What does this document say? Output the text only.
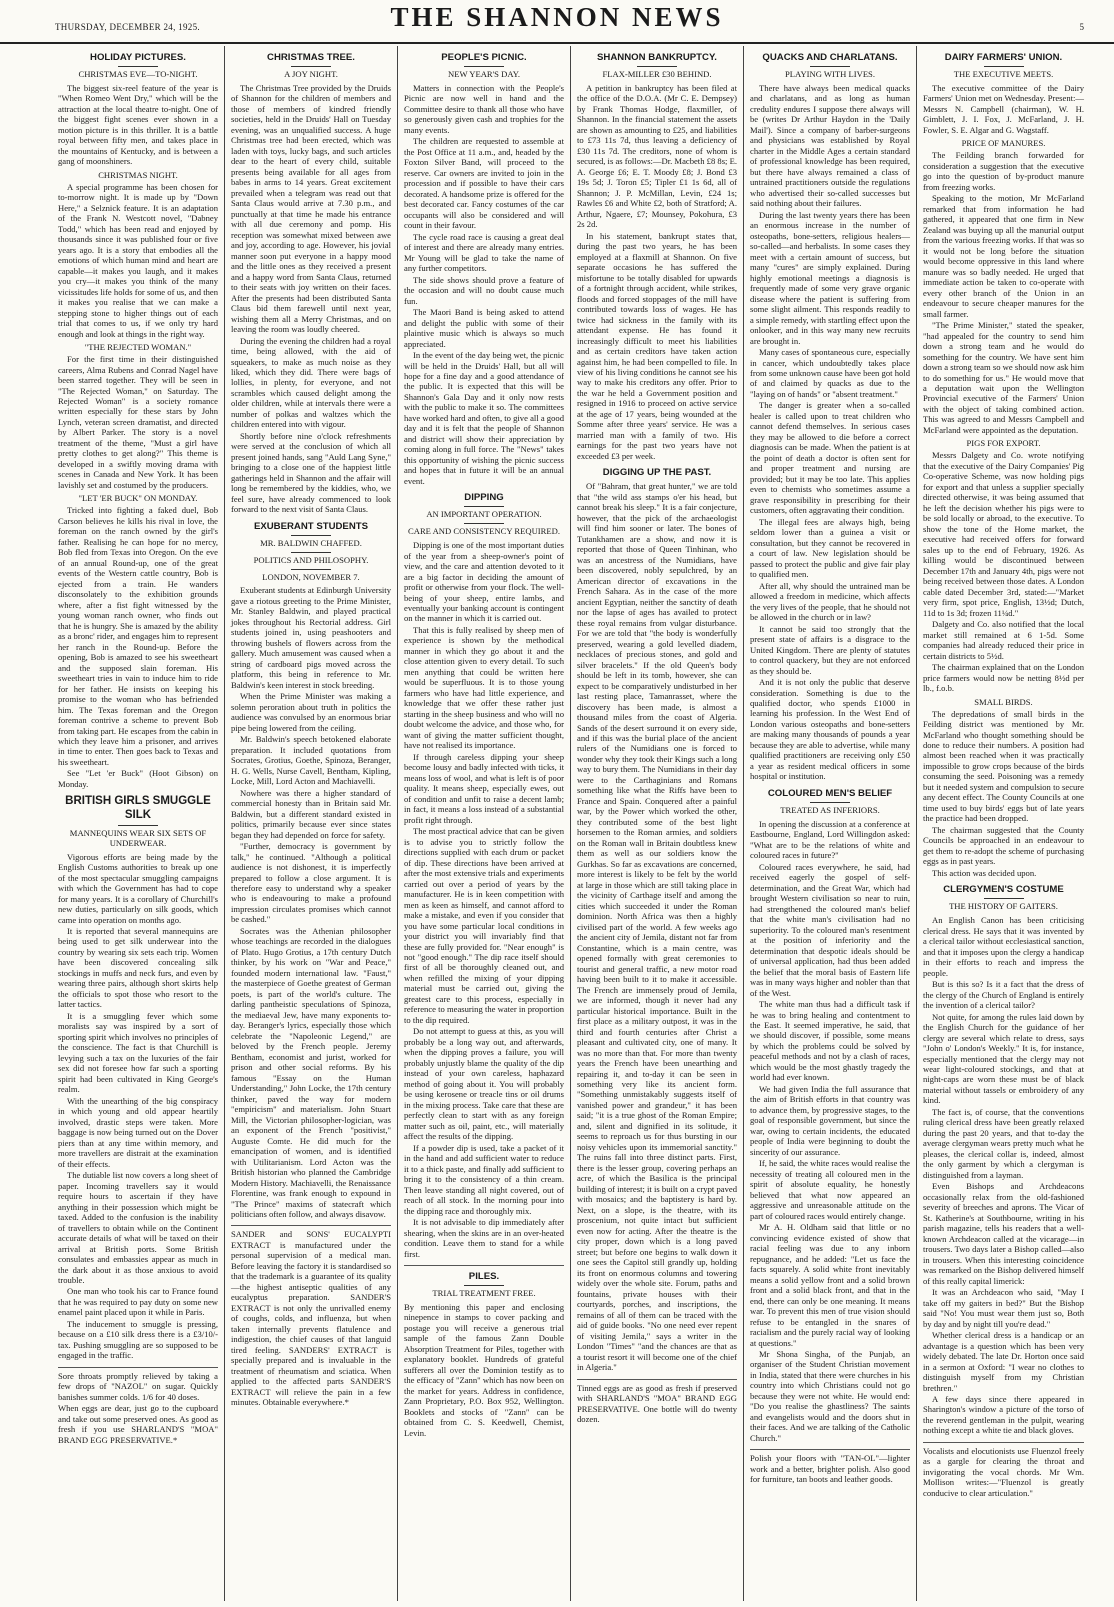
THURSDAY, DECEMBER 24, 1925.	THE SHANNON NEWS	5
HOLIDAY PICTURES.
CHRISTMAS EVE—TO-NIGHT.

The biggest six-reel feature of the year is "When Romeo Went Dry," which will be the attraction at the local theatre to-night. One of the biggest fight scenes ever shown in a motion picture is in this thriller. It is a battle royal between fifty men, and takes place in the mountains of Kentucky, and is between a gang of moonshiners.

CHRISTMAS NIGHT.

A special programme has been chosen for to-morrow night. It is made up by "Down Here," a Selznick feature. It is an adaptation of the Frank N. Westcott novel, "Dabney Todd," which has been read and enjoyed by thousands since it was published four or five years ago. It is a story that embodies all the emotions of which human mind and heart are capable—it makes you laugh, and it makes you cry—it makes you think of the many vicissitudes life holds for some of us, and then it makes you realise that we can make a stepping stone to higher things out of each trial that comes to us, if we only try hard enough and look at things in the right way.

"THE REJECTED WOMAN."

For the first time in their distinguished careers, Alma Rubens and Conrad Nagel have been starred together. They will be seen in "The Rejected Woman," on Saturday. The Rejected Woman" is a society romance written especially for these stars by John Lynch, veteran screen dramatist, and directed by Albert Parker. The story is a novel treatment of the theme, "Must a girl have pretty clothes to get along?" This theme is developed in a swiftly moving drama with scenes in Canada and New York. It has been lavishly set and costumed by the producers.

"LET 'ER BUCK" ON MONDAY.

Tricked into fighting a faked duel, Bob Carson believes he kills his rival in love, the foreman on the ranch owned by the girl's father. Realising he can hope for no mercy, Bob fled from Texas into Oregon. On the eve of an annual Round-up, one of the great events of the Western cattle country, Bob is ejected from a train. He wanders disconsolately to the exhibition grounds where, after a fist fight witnessed by the young woman ranch owner, who finds out that he is hungry. She is amazed by the ability as a bronc' rider, and engages him to represent her ranch in the Round-up. Before the opening, Bob is amazed to see his sweetheart and the supposed slain foreman. His sweetheart tries in vain to induce him to ride for her father. He insists on keeping his promise to the woman who has befriended him. The Texas foreman and the Oregon foreman contrive a scheme to prevent Bob from taking part. He escapes from the cabin in which they leave him a prisoner, and arrives in time to enter. Then goes back to Texas and his sweetheart.

See "Let 'er Buck" (Hoot Gibson) on Monday.

BRITISH GIRLS SMUGGLE SILK
MANNEQUINS WEAR SIX SETS OF UNDERWEAR.

Vigorous efforts are being made by the English Customs authorities to break up one of the most spectacular smuggling campaigns with which the Government has had to cope for many years. It is a corollary of Churchill's new duties, particularly on silk goods, which came into operation on months ago.

It is reported that several mannequins are being used to get silk underwear into the country by wearing six sets each trip. Women have been discovered concealing silk stockings in muffs and neck furs, and even by wearing three pairs, although short skirts help the officials to spot those who resort to the latter tactics.

It is a smuggling fever which some moralists say was inspired by a sort of sporting spirit which involves no principles of the conscience. The fact is that Churchill is levying such a tax on the luxuries of the fair sex did not foresee how far such a sporting spirit had been cultivated in King George's realm.

With the unearthing of the big conspiracy in which young and old appear heartily involved, drastic steps were taken. More baggage is now being turned out on the Dover piers than at any time within memory, and more travellers are distrait at the examination of their effects.

The dutiable list now covers a long sheet of paper. Incoming travellers say it would require hours to ascertain if they have anything in their possession which might be taxed. Added to the confusion is the inability of travellers to obtain while on the Continent accurate details of what will be taxed on their arrival at British ports. Some British consulates and embassies appear as much in the dark about it as those anxious to avoid trouble.

One man who took his car to France found that he was required to pay duty on some new enamel paint placed upon it while in Paris.

The inducement to smuggle is pressing, because on a £10 silk dress there is a £3/10/- tax. Pushing smuggling are so supposed to be engaged in the traffic.

Sore throats promptly relieved by taking a few drops of "NAZOL" on sugar. Quickly banishes summer colds. 1/6 for 40 doses.

When eggs are dear, just go to the cupboard and take out some preserved ones. As good as fresh if you use SHARLAND'S "MOA" BRAND EGG PRESERVATIVE.*

CHRISTMAS TREE.
A JOY NIGHT.

The Christmas Tree provided by the Druids of Shannon for the children of members and those of members of kindred friendly societies, held in the Druids' Hall on Tuesday evening, was an unqualified success. A huge Christmas tree had been erected, which was laden with toys, lucky bags, and such articles dear to the heart of every child, suitable presents being available for all ages from babes in arms to 14 years. Great excitement prevailed when a telegram was read out that Santa Claus would arrive at 7.30 p.m., and punctually at that time he made his entrance with all due ceremony and pomp. His reception was somewhat mixed between awe and joy, according to age. However, his jovial manner soon put everyone in a happy mood and the little ones as they received a present and a happy word from Santa Claus, returned to their seats with joy written on their faces. After the presents had been distributed Santa Claus bid them farewell until next year, wishing them all a Merry Christmas, and on leaving the room was loudly cheered.

During the evening the children had a royal time, being allowed, with the aid of squeakers, to make as much noise as they liked, which they did. There were bags of lollies, in plenty, for everyone, and not scrambles which caused delight among the older children, while at intervals there were a number of polkas and waltzes which the children entered into with vigour.

Shortly before nine o'clock refreshments were served at the conclusion of which all present joined hands, sang "Auld Lang Syne," bringing to a close one of the happiest little gatherings held in Shannon and the affair will long be remembered by the kiddies, who, we feel sure, have already commenced to look forward to the next visit of Santa Claus.

EXUBERANT STUDENTS
MR. BALDWIN CHAFFED.
POLITICS AND PHILOSOPHY.
LONDON, NOVEMBER 7.

Exuberant students at Edinburgh University gave a riotous greeting to the Prime Minister, Mr. Stanley Baldwin, and played practical jokes throughout his Rectorial address. Girl students joined in, using peashooters and throwing bushels of flowers across from the gallery. Much amusement was caused when a string of cardboard pigs moved across the platform, this being in reference to Mr. Baldwin's keen interest in stock breeding.

When the Prime Minister was making a solemn peroration about truth in politics the audience was convulsed by an enormous briar pipe being lowered from the ceiling.

Mr. Baldwin's speech betokened elaborate preparation. It included quotations from Socrates, Grotius, Goethe, Spinoza, Beranger, H. G. Wells, Nurse Cavell, Bentham, Kipling, Locke, Mill, Lord Acton and Machiavelli.

Nowhere was there a higher standard of commercial honesty than in Britain said Mr. Baldwin, but a different standard existed in politics, primarily because ever since states began they had depended on force for safety.

"Further, democracy is government by talk," he continued. "Although a political audience is not dishonest, it is imperfectly prepared to follow a close argument. It is therefore easy to understand why a speaker who is endeavouring to make a profound impression circulates promises which cannot be cashed."

Socrates was the Athenian philosopher whose teachings are recorded in the dialogues of Plato. Hugo Grotius, a 17th century Dutch thinker, by his work on "War and Peace," founded modern international law. "Faust," the masterpiece of Goethe greatest of German poets, is part of the world's culture. The darling pantheistic speculations of Spinoza, the mediaeval Jew, have many exponents to-day. Beranger's lyrics, especially those which celebrate the "Napoleonic Legend," are beloved by the French people. Jeremy Bentham, economist and jurist, worked for prison and other social reforms. By his famous "Essay on the Human Understanding," John Locke, the 17th century thinker, paved the way for modern "empiricism" and materialism. John Stuart Mill, the Victorian philosopher-logician, was an exponent of the French "positivist," Auguste Comte. He did much for the emancipation of women, and is identified with Utilitarianism. Lord Acton was the British historian who planned the Cambridge Modern History. Machiavelli, the Renaissance Florentine, was frank enough to expound in "The Prince" maxims of statecraft which politicians often follow, and always disavow.

SANDER and SONS' EUCALYPTI EXTRACT is manufactured under the personal supervision of a medical man. Before leaving the factory it is standardised so that the trademark is a guarantee of its quality—the highest antiseptic qualities of any eucalyptus preparation. SANDER'S EXTRACT is not only the unrivalled enemy of coughs, colds, and influenza, but when taken internally prevents flatulence and indigestion, the chief causes of that languid tired feeling. SANDERS' EXTRACT is specially prepared and is invaluable in the treatment of rheumatism and sciatica. When applied to the affected parts SANDER'S EXTRACT will relieve the pain in a few minutes. Obtainable everywhere.*

PEOPLE'S PICNIC.
NEW YEAR'S DAY.

Matters in connection with the People's Picnic are now well in hand and the Committee desire to thank all those who have so generously given cash and trophies for the many events.

The children are requested to assemble at the Post Office at 11 a.m., and, headed by the Foxton Silver Band, will proceed to the reserve. Car owners are invited to join in the procession and if possible to have their cars decorated. A handsome prize is offered for the best decorated car. Fancy costumes of the car occupants will also be considered and will count in their favour.

The cycle road race is causing a great deal of interest and there are already many entries. Mr Young will be glad to take the name of any further competitors.

The side shows should prove a feature of the occasion and will no doubt cause much fun.

The Maori Band is being asked to attend and delight the public with some of their plaintive music which is always so much appreciated.

In the event of the day being wet, the picnic will be held in the Druids' Hall, but all will hope for a fine day and a good attendance of the public. It is expected that this will be Shannon's Gala Day and it only now rests with the public to make it so. The committees have worked hard and often, to give all a good day and it is felt that the people of Shannon and district will show their appreciation by coming along in full force. The "News" takes this opportunity of wishing the picnic success and hopes that in future it will be an annual event.

DIPPING
AN IMPORTANT OPERATION.
CARE AND CONSISTENCY REQUIRED.

Dipping is one of the most important duties of the year from a sheep-owner's point of view, and the care and attention devoted to it are a big factor in deciding the amount of profit or otherwise from your flock. The well-being of your sheep, entire lambs, and eventually your banking account is contingent on the manner in which it is carried out.

That this is fully realised by sheep men of experience is shown by the methodical manner in which they go about it and the close attention given to every detail. To such men anything that could be written here would be superfluous. It is to those young farmers who have had little experience, and knowledge that we offer these rather just starting in the sheep business and who will no doubt welcome the advice, and those who, for want of giving the matter sufficient thought, have not realised its importance.

If through careless dipping your sheep become lousy and badly infected with ticks, it means loss of wool, and what is left is of poor quality. It means sheep, especially ewes, out of condition and unfit to raise a decent lamb; in fact, it means a loss instead of a substantial profit right through.

The most practical advice that can be given is to advise you to strictly follow the directions supplied with each drum or packet of dip. These directions have been arrived at after the most extensive trials and experiments carried out over a period of years by the manufacturer. He is in keen competition with men as keen as himself, and cannot afford to make a mistake, and even if you consider that you have some particular local conditions in your district you will invariably find that these are fully provided for. "Near enough" is not "good enough." The dip race itself should first of all be thoroughly cleaned out, and when refilled the mixing of your dipping material must be carried out, giving the greatest care to this process, especially in reference to measuring the water in proportion to the dip required.

Do not attempt to guess at this, as you will probably be a long way out, and afterwards, when the dipping proves a failure, you will probably unjustly blame the quality of the dip instead of your own careless, haphazard method of going about it. You will probably be using kerosene or treacle tins or oil drums in the mixing process. Take care that these are perfectly clean to start with as any foreign matter such as oil, paint, etc., will materially affect the results of the dipping.

If a powder dip is used, take a packet of it in the hand and add sufficient water to reduce it to a thick paste, and finally add sufficient to bring it to the consistency of a thin cream. Then leave standing all night covered, out of reach of all stock. In the morning pour into the dipping race and thoroughly mix.

It is not advisable to dip immediately after shearing, when the skins are in an over-heated condition. Leave them to stand for a while first.

PILES.
TRIAL TREATMENT FREE.

By mentioning this paper and enclosing ninepence in stamps to cover packing and postage you will receive a generous trial sample of the famous Zann Double Absorption Treatment for Piles, together with explanatory booklet. Hundreds of grateful sufferers all over the Dominion testify as to the efficacy of "Zann" which has now been on the market for years. Address in confidence, Zann Proprietary, P.O. Box 952, Wellington. Booklets and stocks of "Zann" can be obtained from C. S. Keedwell, Chemist, Levin.

SHANNON BANKRUPTCY.
FLAX-MILLER £30 BEHIND.

A petition in bankruptcy has been filed at the office of the D.O.A. (Mr C. E. Dempsey) by Frank Thomas Hodge, flaxmiller, of Shannon. In the financial statement the assets are shown as amounting to £25, and liabilities to £73 11s 7d, thus leaving a deficiency of £30 11s 7d. The creditors, none of whom is secured, is as follows:—Dr. Macbeth £8 8s; E. A. George £6; E. T. Moody £8; J. Bond £3 19s 5d; J. Toron £5; Tipler £1 1s 6d, all of Shannon; J. P. McMillan, Levin, £24 1s; Rawles £6 and White £2, both of Stratford; A. Arthur, Ngaere, £7; Mounsey, Pokohura, £3 2s 2d.

In his statement, bankrupt states that, during the past two years, he has been employed at a flaxmill at Shannon. On five separate occasions he has suffered the misfortune to be totally disabled for upwards of a fortnight through accident, while strikes, floods and forced stoppages of the mill have contributed towards loss of wages. He has twice had sickness in the family with its attendant expense. He has found it increasingly difficult to meet his liabilities and as certain creditors have taken action against him, he had been compelled to file. In view of his living conditions he cannot see his way to make his creditors any offer. Prior to the war he held a Government position and resigned in 1916 to proceed on active service at the age of 17 years, being wounded at the Somme after three years' service. He was a married man with a family of two. His earnings for the past two years have not exceeded £3 per week.

DIGGING UP THE PAST.

Of "Bahram, that great hunter," we are told that "the wild ass stamps o'er his head, but cannot break his sleep." It is a fair conjecture, however, that the pick of the archaeologist will find him sooner or later. The bones of Tutankhamen are a show, and now it is reported that those of Queen Tinhinan, who was an ancestress of the Numidians, have been discovered, nobly sepulchred, by an American director of excavations in the French Sahara. As in the case of the more ancient Egyptian, neither the sanctity of death nor the lapse of ages has availed to protect these royal remains from vulgar disturbance. For we are told that "the body is wonderfully preserved, wearing a gold levelled diadem, necklaces of precious stones, and gold and silver bracelets." If the old Queen's body should be left in its tomb, however, she can expect to be comparatively undisturbed in her last resting place, Tamanrasset, where the discovery has been made, is almost a thousand miles from the coast of Algeria. Sands of the desert surround it on every side, and if this was the burial place of the ancient rulers of the Numidians one is forced to wonder why they took their Kings such a long way to bury them. The Numidians in their day were to the Carthaginians and Romans something like what the Riffs have been to France and Spain. Conquered after a painful war, by the Power which worked the other, they contributed some of the best light horsemen to the Roman armies, and soldiers on the Roman wall in Britain doubtless knew them as well as our soldiers know the Gurkhas. So far as excavations are concerned, more interest is likely to be felt by the world at large in those which are still taking place in the vicinity of Carthage itself and among the cities which succeeded it under the Roman dominion. North Africa was then a highly civilised part of the world. A few weeks ago the ancient city of Jemila, distant not far from Constantine, which is a main centre, was opened formally with great ceremonies to tourist and general traffic, a new motor road having been built to it to make it accessible. The French are immensely proud of Jemila, we are informed, though it never had any particular historical importance. Built in the first place as a military outpost, it was in the third and fourth centuries after Christ a pleasant and cultivated city, one of many. It was no more than that. For more than twenty years the French have been unearthing and repairing it, and to-day it can be seen in something very like its ancient form. "Something unmistakably suggests itself of vanished power and grandeur," it has been said; "it is a true ghost of the Roman Empire; and, silent and dignified in its solitude, it seems to reproach us for thus bursting in our noisy vehicles upon its immemorial sanctity." The ruins fall into three distinct parts. First, there is the lesser group, covering perhaps an acre, of which the Basilica is the principal building of interest; it is built on a crypt paved with mosaics; and the baptistery is hard by. Next, on a slope, is the theatre, with its proscenium, not quite intact but sufficient even now for acting. After the theatre is the city proper, down which is a long paved street; but before one begins to walk down it one sees the Capitol still grandly up, holding its front on enormous columns and towering widely over the whole site. Forum, paths and fountains, private houses with their courtyards, porches, and inscriptions, the remains of all of them can be traced with the aid of guide books. "No one need ever repent of visiting Jemila," says a writer in the London "Times" "and the chances are that as a tourist resort it will become one of the chief in Algeria."

Tinned eggs are as good as fresh if preserved with SHARLAND'S "MOA" BRAND EGG PRESERVATIVE. One bottle will do twenty dozen.

QUACKS AND CHARLATANS.
PLAYING WITH LIVES.

There have always been medical quacks and charlatans, and as long as human credulity endures I suppose there always will be (writes Dr Arthur Haydon in the 'Daily Mail'). Since a company of barber-surgeons and physicians was established by Royal charter in the Middle Ages a certain standard of professional knowledge has been required, but there have always remained a class of untrained practitioners outside the regulations who advertised their so-called successes but said nothing about their failures.

During the last twenty years there has been an enormous increase in the number of osteopaths, bone-setters, religious healers—so-called—and herbalists. In some cases they meet with a certain amount of success, but many "cures" are simply explained. During highly emotional meetings a diagnosis is frequently made of some very grave organic disease where the patient is suffering from some slight ailment. This responds readily to a simple remedy, with startling effect upon the onlooker, and in this way many new recruits are brought in.

Many cases of spontaneous cure, especially in cancer, which undoubtedly takes place from some unknown cause have been got hold of and claimed by quacks as due to the "laying on of hands" or "absent treatment."

The danger is greater when a so-called healer is called upon to treat children who cannot defend themselves. In serious cases they may be allowed to die before a correct diagnosis can be made. When the patient is at the point of death a doctor is often sent for and proper treatment and nursing are provided; but it may be too late. This applies even to chemists who sometimes assume a grave responsibility in prescribing for their customers, often aggravating their condition.

The illegal fees are always high, being seldom lower than a guinea a visit or consultation, but they cannot be recovered in a court of law. New legislation should be passed to protect the public and give fair play to qualified men.

After all, why should the untrained man be allowed a freedom in medicine, which affects the very lives of the people, that he should not be allowed in the church or in law?

It cannot be said too strongly that the present state of affairs is a disgrace to the United Kingdom. There are plenty of statutes to control quackery, but they are not enforced as they should be.

And it is not only the public that deserve consideration. Something is due to the qualified doctor, who spends £1000 in learning his profession. In the West End of London various osteopaths and bone-setters are making many thousands of pounds a year because they are able to advertise, while many qualified practitioners are receiving only £50 a year as resident medical officers in some hospital or institution.

COLOURED MEN'S BELIEF
TREATED AS INFERIORS.

In opening the discussion at a conference at Eastbourne, England, Lord Willingdon asked: "What are to be the relations of white and coloured races in future?"

Coloured races everywhere, he said, had received eagerly the gospel of self-determination, and the Great War, which had brought Western civilisation so near to ruin, had strengthened the coloured man's belief that the white man's civilisation had no superiority. To the coloured man's resentment at the position of inferiority and the determination that despotic ideals should be of universal application, had thus been added the belief that the moral basis of Eastern life was in many ways higher and nobler than that of the West.

The white man thus had a difficult task if he was to bring healing and contentment to the East. It seemed imperative, he said, that we should discover, if possible, some means by which the problems could be solved by peaceful methods and not by a clash of races, which would be the most ghastly tragedy the world had ever known.

We had given India the full assurance that the aim of British efforts in that country was to advance them, by progressive stages, to the goal of responsible government, but since the war, owing to certain incidents, the educated people of India were beginning to doubt the sincerity of our assurance.

If, he said, the white races would realise the necessity of treating all coloured men in the spirit of absolute equality, he honestly believed that what now appeared an aggressive and unreasonable attitude on the part of coloured races would entirely change.

Mr A. H. Oldham said that little or no convincing evidence existed of show that racial feeling was due to any inborn repugnance, and he added: "Let us face the facts squarely. A solid white front inevitably means a solid yellow front and a solid brown front and a solid black front, and that in the end, there can only be one meaning. It means war. To prevent this men of true vision should refuse to be entangled in the snares of racialism and the purely racial way of looking at questions."

Mr Shona Singha, of the Punjab, an organiser of the Student Christian movement in India, stated that there were churches in his country into which Christians could not go because they were not white. He would end: "Do you realise the ghastliness? The saints and evangelists would and the doors shut in their faces. And we are talking of the Catholic Church."

Polish your floors with "TAN-OL"—lighter work and a better, brighter polish. Also good for furniture, tan boots and leather goods.

DAIRY FARMERS' UNION.
THE EXECUTIVE MEETS.

The executive committee of the Dairy Farmers' Union met on Wednesday. Present:—Messrs N. Campbell (chairman), W. H. Gimblett, J. I. Fox, J. McFarland, J. H. Fowler, S. E. Algar and G. Wagstaff.

PRICE OF MANURES.

The Feilding branch forwarded for consideration a suggestion that the executive go into the question of by-product manure from freezing works.

Speaking to the motion, Mr McFarland remarked that from information he had gathered, it appeared that one firm in New Zealand was buying up all the manurial output from the various freezing works. If that was so it would not be long before the situation would become oppressive in this land where manure was so badly needed. He urged that immediate action be taken to co-operate with every other branch of the Union in an endeavour to secure cheaper manures for the small farmer.

"The Prime Minister," stated the speaker, "had appealed for the country to send him down a strong team and he would do something for the country. We have sent him down a strong team so we should now ask him to do something for us." He would move that a deputation wait upon the Wellington Provincial executive of the Farmers' Union with the object of taking combined action. This was agreed to and Messrs Campbell and McFarland were appointed as the deputation.

PIGS FOR EXPORT.

Messrs Dalgety and Co. wrote notifying that the executive of the Dairy Companies' Pig Co-operative Scheme, was now holding pigs for export and that unless a supplier specially directed otherwise, it was being assumed that he left the decision whether his pigs were to be sold locally or abroad, to the executive. To show the tone of the Home market, the executive had received offers for forward sales up to the end of February, 1926. As killing would be discontinued between December 17th and January 4th, pigs were not being received between those dates. A London cable dated December 3rd, stated:—"Market very firm, spot price, English, 13½d; Dutch, 11d to 1s 3d; frozen 11¼d."

Dalgety and Co. also notified that the local market still remained at 6 1-5d. Some companies had already reduced their price in certain districts to 5½d.

The chairman explained that on the London price farmers would now be netting 8½d per lb., f.o.b.

SMALL BIRDS.

The depredations of small birds in the Feilding district was mentioned by Mr. McFarland who thought something should be done to reduce their numbers. A position had almost been reached when it was practically impossible to grow crops because of the birds consuming the seed. Poisoning was a remedy but it needed system and compulsion to secure any decent effect. The County Councils at one time used to buy birds' eggs but of late years the practice had been dropped.

The chairman suggested that the County Councils be approached in an endeavour to get them to re-adopt the scheme of purchasing eggs as in past years.

This action was decided upon.

CLERGYMEN'S COSTUME
THE HISTORY OF GAITERS.

An English Canon has been criticising clerical dress. He says that it was invented by a clerical tailor without ecclesiastical sanction, and that it imposes upon the clergy a handicap in their efforts to reach and impress the people.

But is this so? Is it a fact that the dress of the clergy of the Church of England is entirely the invention of a clerical tailor?

Not quite, for among the rules laid down by the English Church for the guidance of her clergy are several which relate to dress, says "John o' London's Weekly." It is, for instance, especially mentioned that the clergy may not wear light-coloured stockings, and that at night-caps are worn these must be of black material without tassels or embroidery of any kind.

The fact is, of course, that the conventions ruling clerical dress have been greatly relaxed during the past 20 years, and that to-day the average clergyman wears pretty much what he pleases, the clerical collar is, indeed, almost the only garment by which a clergyman is distinguished from a layman.

Even Bishops and Archdeacons occasionally relax from the old-fashioned severity of breeches and aprons. The Vicar of St. Katherine's at Southbourne, writing in his parish magazine, tells his readers that a well-known Archdeacon called at the vicarage—in trousers. Two days later a Bishop called—also in trousers. When this interesting coincidence was remarked on the Bishop delivered himself of this really capital limerick:

It was an Archdeacon who said, "May I take off my gaiters in bed?" But the Bishop said "No! You must wear them just so, Both by day and by night till you're dead."

Whether clerical dress is a handicap or an advantage is a question which has been very widely debated. The late Dr. Horton once said in a sermon at Oxford: "I wear no clothes to distinguish myself from my Christian brethren."

A few days since there appeared in Sharington's window a picture of the torso of the reverend gentleman in the pulpit, wearing nothing except a white tie and black gloves.

Vocalists and elocutionists use Fluenzol freely as a gargle for clearing the throat and invigorating the vocal chords. Mr Wm. Mollison writes:—"Fluenzol is greatly conducive to clear articulation."
